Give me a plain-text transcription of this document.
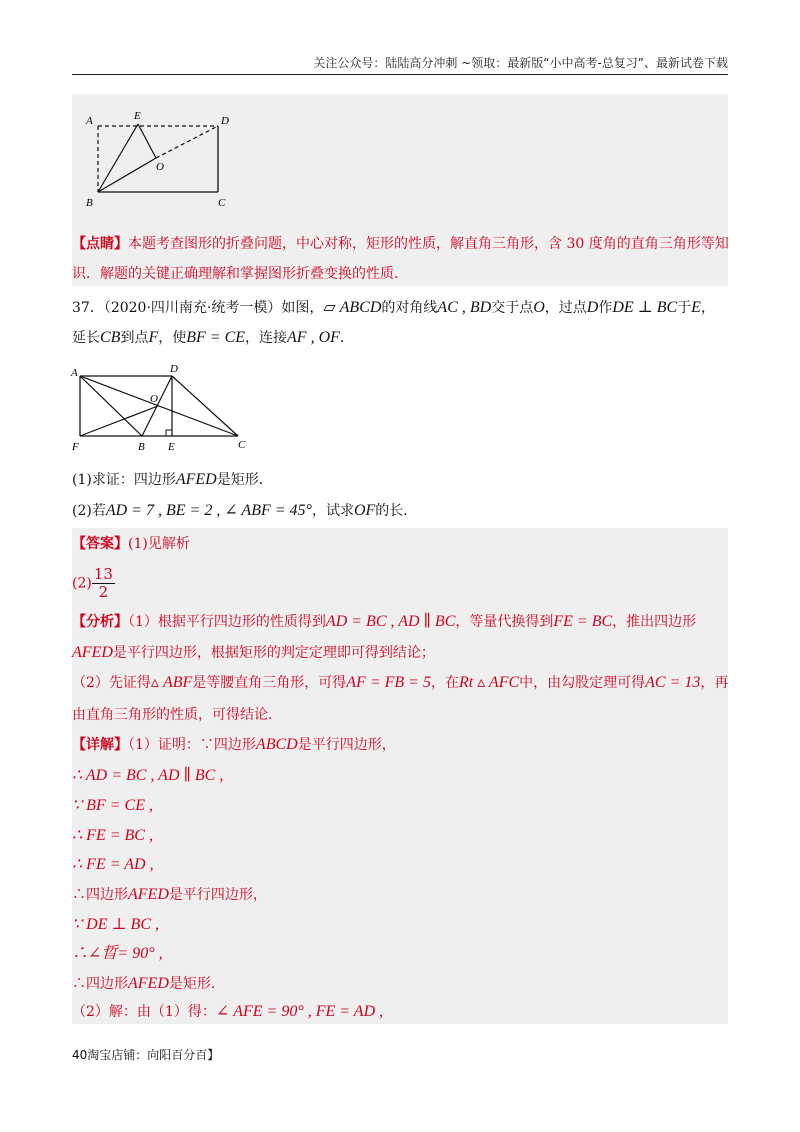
关注公众号：陆陆高分冲刺 ~领取：最新版“小中高考-总复习”、最新试卷下载
A	E	D
O
B	C
【点睛】本题考查图形的折叠问题，中心对称，矩形的性质，解直角三角形，含 30 度角的直角三角形等知
识．解题的关键正确理解和掌握图形折叠变换的性质．
37．（2020·四川南充·统考一模）如图，▱ ABCD的对角线AC , BD交于点O，过点D作DE ⊥ BC于E，
延长CB到点F，使BF = CE，连接AF , OF．
A	D
O
F	B E	C
(1)求证：四边形AFED是矩形．
(2)若AD = 7 , BE = 2 , ∠ ABF = 45°，试求OF的长．
【答案】(1)见解析
$(2) \frac{13}{2}$
【分析】（1）根据平行四边形的性质得到AD = BC , AD ∥ BC，等量代换得到FE = BC，推出四边形
AFED是平行四边形，根据矩形的判定定理即可得到结论；
（2）先证得▵ ABF是等腰直角三角形，可得AF = FB = 5，在Rt ▵ AFC中，由勾股定理可得AC = 13，再
由直角三角形的性质，可得结论.
【详解】（1）证明：∵四边形ABCD是平行四边形，
∴ AD = BC , AD ∥ BC ,
∵ BF = CE ,
∴ FE = BC ,
∴ FE = AD ,
∴四边形AFED是平行四边形，
∵ DE ⊥ BC ,
∴∠晢= 90° ,
∴四边形AFED是矩形.
（2）解：由（1）得：∠ AFE = 90° , FE = AD ,
40淘宝店铺：向阳百分百】
